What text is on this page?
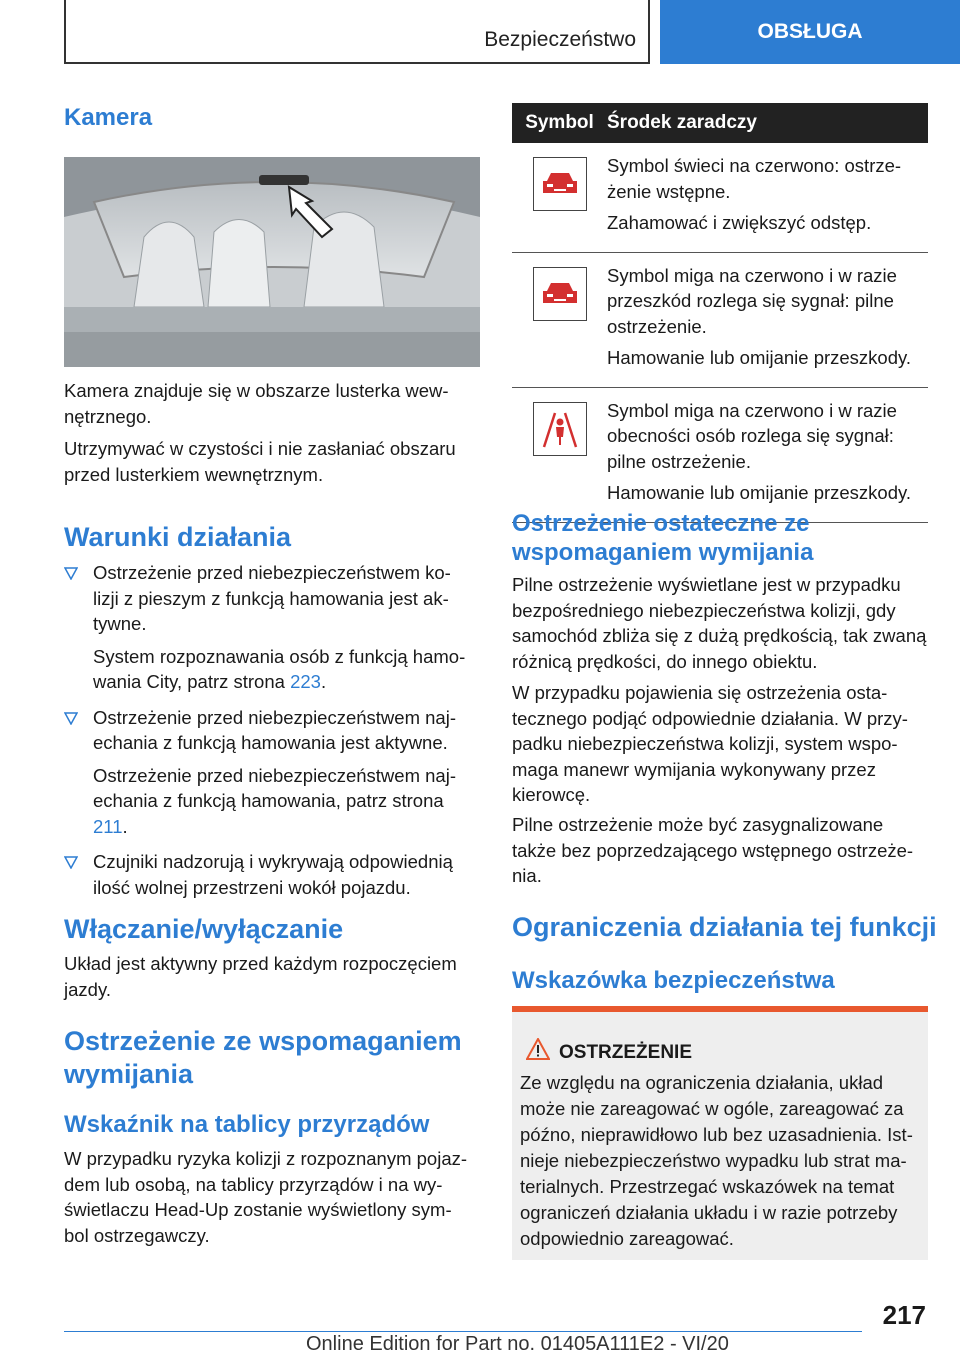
Bezpieczeństwo	OBSŁUGA
Kamera

Kamera znajduje się w obszarze lusterka wew-nętrznego.

Utrzymywać w czystości i nie zasłaniać obszaru przed lusterkiem wewnętrznym.

Warunki działania

Ostrzeżenie przed niebezpieczeństwem ko-lizji z pieszym z funkcją hamowania jest ak-tywne.

System rozpoznawania osób z funkcją hamo-wania City, patrz strona 223.

Ostrzeżenie przed niebezpieczeństwem naj-echania z funkcją hamowania jest aktywne.

Ostrzeżenie przed niebezpieczeństwem naj-echania z funkcją hamowania, patrz strona 211.

Czujniki nadzorują i wykrywają odpowiednią ilość wolnej przestrzeni wokół pojazdu.

Włączanie/wyłączanie

Układ jest aktywny przed każdym rozpoczęciem jazdy.

Ostrzeżenie ze wspomaganiem wymijania
Wskaźnik na tablicy przyrządów

W przypadku ryzyka kolizji z rozpoznanym pojaz-dem lub osobą, na tablicy przyrządów i na wy-świetlaczu Head-Up zostanie wyświetlony sym-bol ostrzegawczy.

Symbol Środek zaradczy

Symbol świeci na czerwono: ostrze-żenie wstępne.

Zahamować i zwiększyć odstęp.

Symbol miga na czerwono i w razie przeszkód rozlega się sygnał: pilne ostrzeżenie.

Hamowanie lub omijanie przeszkody.

Symbol miga na czerwono i w razie obecności osób rozlega się sygnał: pilne ostrzeżenie.

Hamowanie lub omijanie przeszkody.

Ostrzeżenie ostateczne ze wspomaganiem wymijania

Pilne ostrzeżenie wyświetlane jest w przypadku bezpośredniego niebezpieczeństwa kolizji, gdy samochód zbliża się z dużą prędkością, tak zwaną różnicą prędkości, do innego obiektu.

W przypadku pojawienia się ostrzeżenia osta-tecznego podjąć odpowiednie działania. W przy-padku niebezpieczeństwa kolizji, system wspo-maga manewr wymijania wykonywany przez kierowcę.

Pilne ostrzeżenie może być zasygnalizowane także bez poprzedzającego wstępnego ostrzeże-nia.

Ograniczenia działania tej funkcji
Wskazówka bezpieczeństwa
OSTRZEŻENIE

Ze względu na ograniczenia działania, układ może nie zareagować w ogóle, zareagować za późno, nieprawidłowo lub bez uzasadnienia. Ist-nieje niebezpieczeństwo wypadku lub strat ma-terialnych. Przestrzegać wskazówek na temat ograniczeń działania układu i w razie potrzeby odpowiednio zareagować.

217
Online Edition for Part no. 01405A111E2 - VI/20
